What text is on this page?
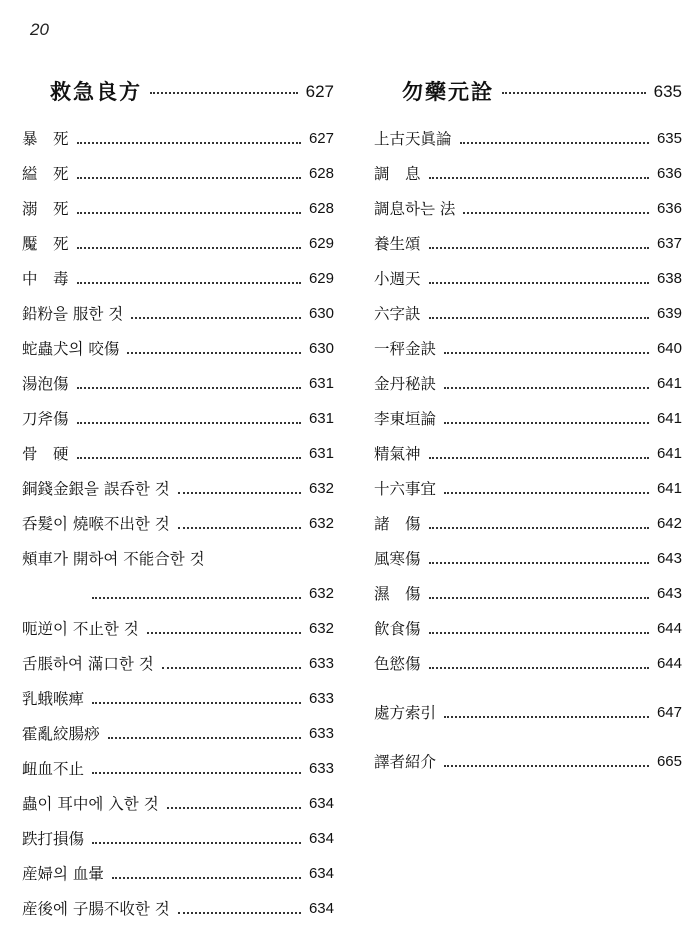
20
救急良方	627
暴　死	627
縊　死	628
溺　死	628
魘　死	629
中　毒	629
鉛粉을 服한 것	630
蛇蟲犬의 咬傷	630
湯泡傷	631
刀斧傷	631
骨　硬	631
銅錢金銀을 誤呑한 것	632
呑髮이 燒喉不出한 것	632
頰車가 開하여 不能合한 것
632
呃逆이 不止한 것	632
舌脹하여 滿口한 것	633
乳蛾喉痺	633
霍亂絞腸痧	633
衄血不止	633
蟲이 耳中에 入한 것	634
跌打損傷	634
産婦의 血暈	634
産後에 子腸不收한 것	634
勿藥元詮	635
上古天眞論	635
調　息	636
調息하는 法	636
養生頌	637
小週天	638
六字訣	639
一秤金訣	640
金丹秘訣	641
李東垣論	641
精氣神	641
十六事宜	641
諸　傷	642
風寒傷	643
濕　傷	643
飮食傷	644
色慾傷	644
處方索引	647
譯者紹介	665
